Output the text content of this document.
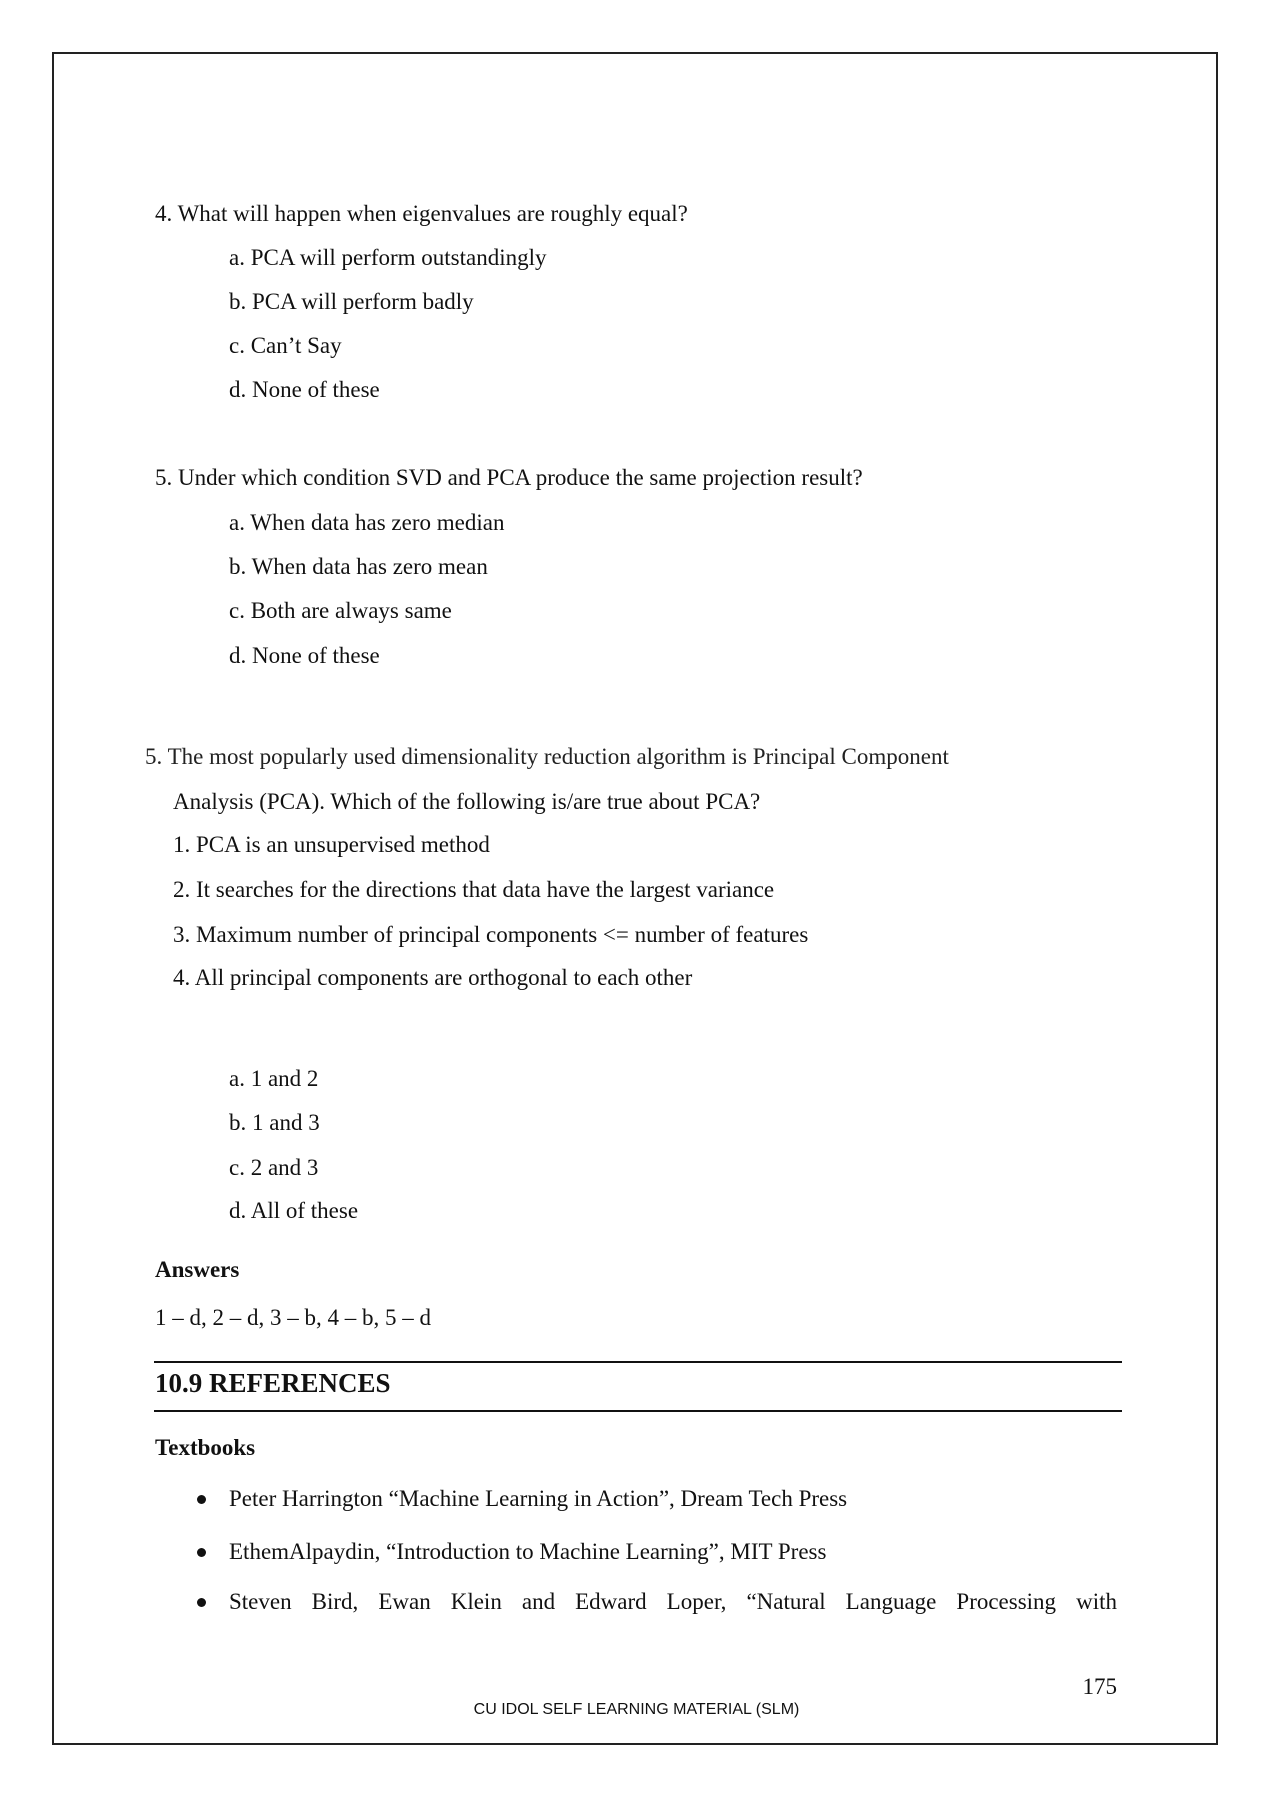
4. What will happen when eigenvalues are roughly equal?
a. PCA will perform outstandingly
b. PCA will perform badly
c. Can’t Say
d. None of these
5. Under which condition SVD and PCA produce the same projection result?
a. When data has zero median
b. When data has zero mean
c. Both are always same
d. None of these
5. The most popularly used dimensionality reduction algorithm is Principal Component
Analysis (PCA). Which of the following is/are true about PCA?
1. PCA is an unsupervised method
2. It searches for the directions that data have the largest variance
3. Maximum number of principal components <= number of features
4. All principal components are orthogonal to each other
a. 1 and 2
b. 1 and 3
c. 2 and 3
d. All of these
Answers
1 – d, 2 – d, 3 – b, 4 – b, 5 – d
10.9 REFERENCES
Textbooks
Peter Harrington “Machine Learning in Action”, Dream Tech Press
EthemAlpaydin, “Introduction to Machine Learning”, MIT Press
Steven Bird, Ewan Klein and Edward Loper, “Natural Language Processing with
175
CU IDOL SELF LEARNING MATERIAL (SLM)
